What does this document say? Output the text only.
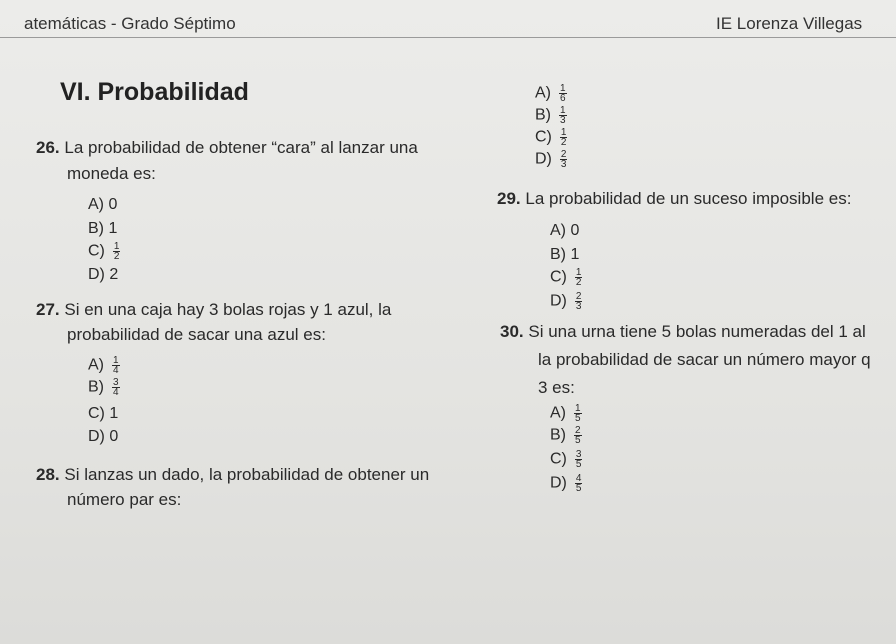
atemáticas - Grado Séptimo	IE Lorenza Villegas
VI. Probabilidad	$A) \frac{1}{6}$
$B) \frac{1}{3}$
$C) \frac{1}{2}$
$D) \frac{2}{3}$
26. La probabilidad de obtener “cara” al lanzar una
moneda es:
A) 0
B) 1
$C) \frac{1}{2}$
D) 2
27. Si en una caja hay 3 bolas rojas y 1 azul, la
probabilidad de sacar una azul es:
$A) \frac{1}{4}$
$B) \frac{3}{4}$
C) 1
D) 0
28. Si lanzas un dado, la probabilidad de obtener un
número par es:
29. La probabilidad de un suceso imposible es:
A) 0
B) 1
$C) \frac{1}{2}$
$D) \frac{2}{3}$
30. Si una urna tiene 5 bolas numeradas del 1 al
la probabilidad de sacar un número mayor q
3 es:
$A) \frac{1}{5}$
$B) \frac{2}{5}$
$C) \frac{3}{5}$
$D) \frac{4}{5}$
